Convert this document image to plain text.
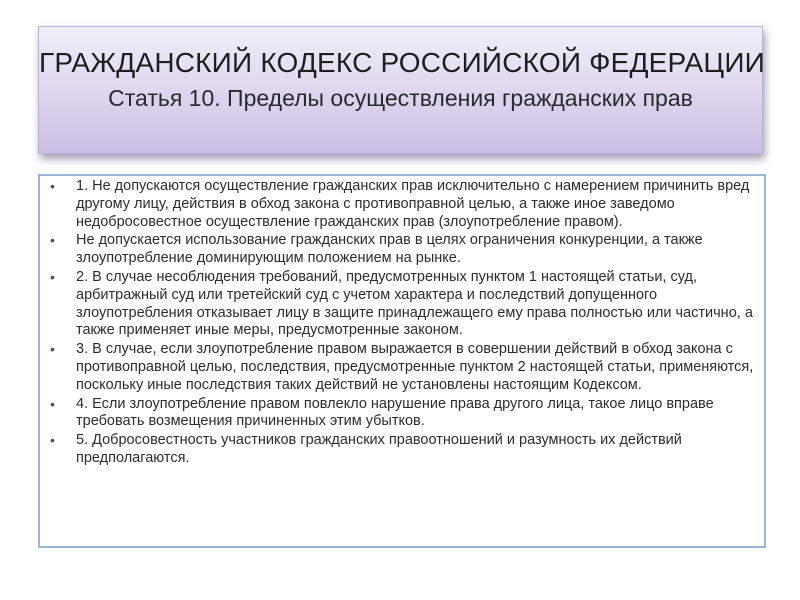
ГРАЖДАНСКИЙ КОДЕКС РОССИЙСКОЙ ФЕДЕРАЦИИ
Статья 10. Пределы осуществления гражданских прав
• 1. Не допускаются осуществление гражданских прав исключительно с намерением причинить вред другому лицу, действия в обход закона с противоправной целью, а также иное заведомо недобросовестное осуществление гражданских прав (злоупотребление правом).
• Не допускается использование гражданских прав в целях ограничения конкуренции, а также злоупотребление доминирующим положением на рынке.
• 2. В случае несоблюдения требований, предусмотренных пунктом 1 настоящей статьи, суд, арбитражный суд или третейский суд с учетом характера и последствий допущенного злоупотребления отказывает лицу в защите принадлежащего ему права полностью или частично, а также применяет иные меры, предусмотренные законом.
• 3. В случае, если злоупотребление правом выражается в совершении действий в обход закона с противоправной целью, последствия, предусмотренные пунктом 2 настоящей статьи, применяются, поскольку иные последствия таких действий не установлены настоящим Кодексом.
• 4. Если злоупотребление правом повлекло нарушение права другого лица, такое лицо вправе требовать возмещения причиненных этим убытков.
• 5. Добросовестность участников гражданских правоотношений и разумность их действий предполагаются.
